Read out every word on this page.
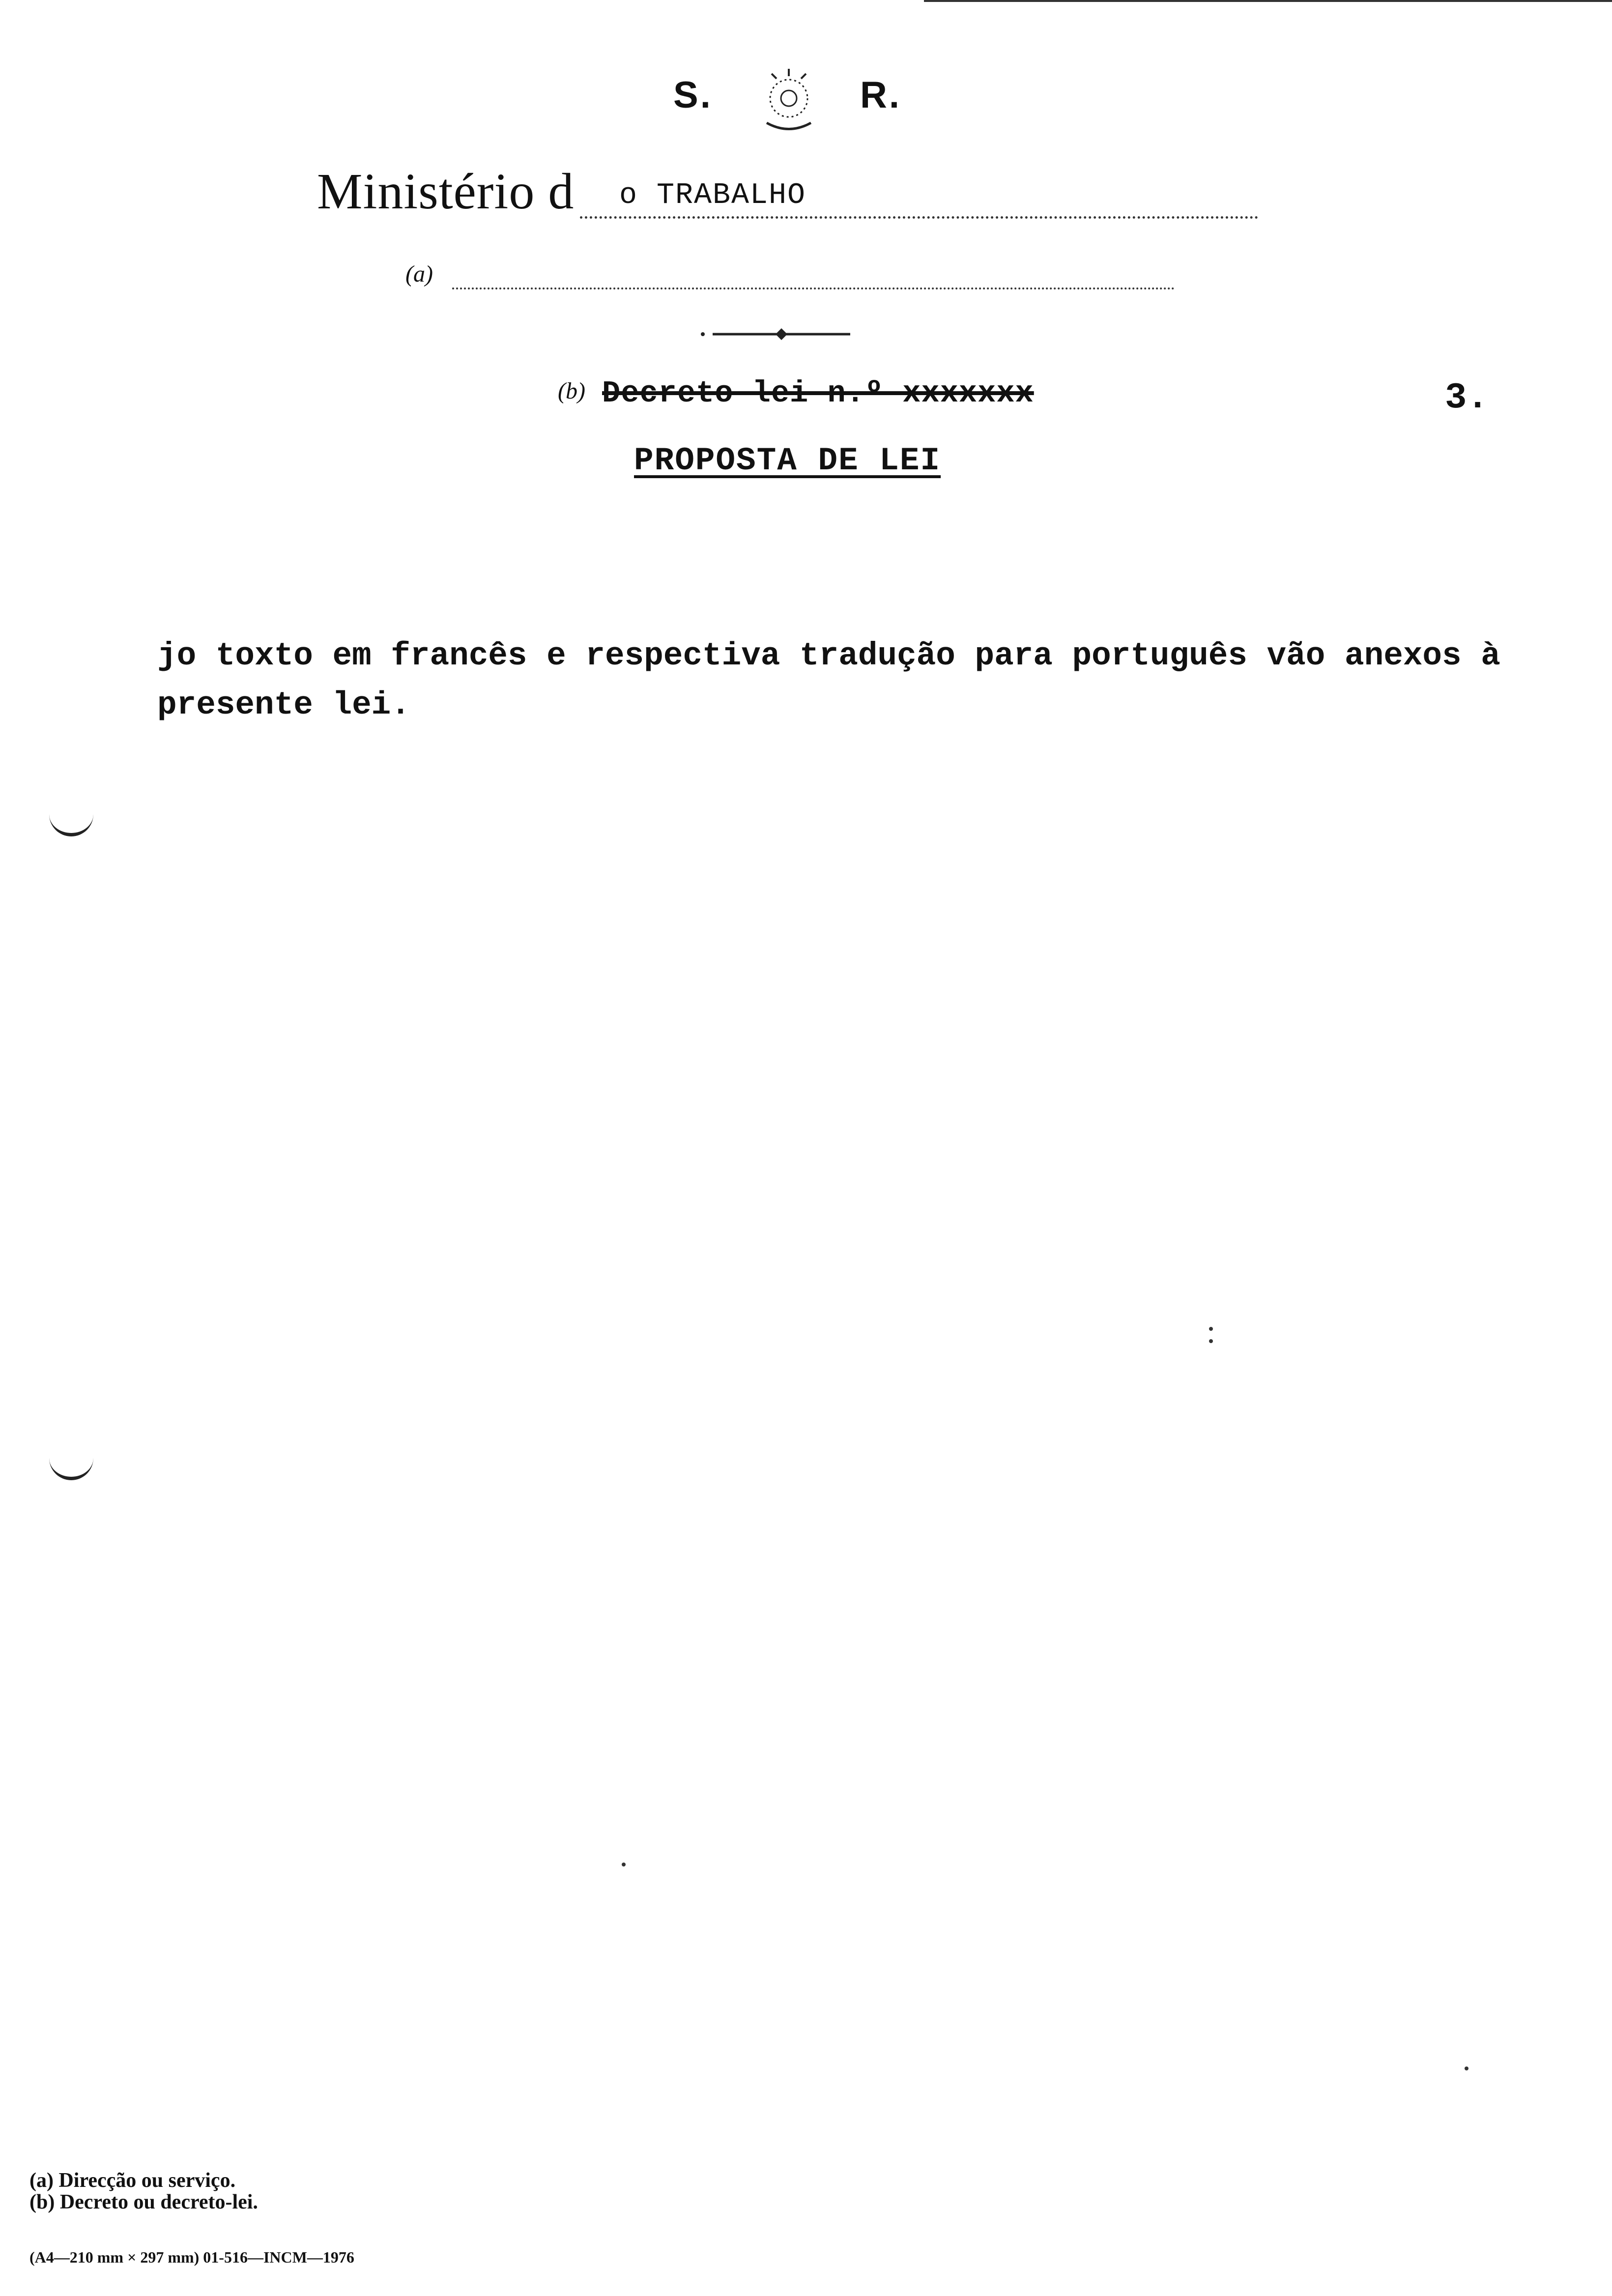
S.	R.
Ministério d o TRABALHO
(a)
(b) Decreto lei n.º xxxxxxx	3.
PROPOSTA DE LEI
jo toxto em francês e respectiva tradução para português vão anexos à presente lei.
(a) Direcção ou serviço.
(b) Decreto ou decreto-lei.
(A4—210 mm × 297 mm) 01-516—INCM—1976
